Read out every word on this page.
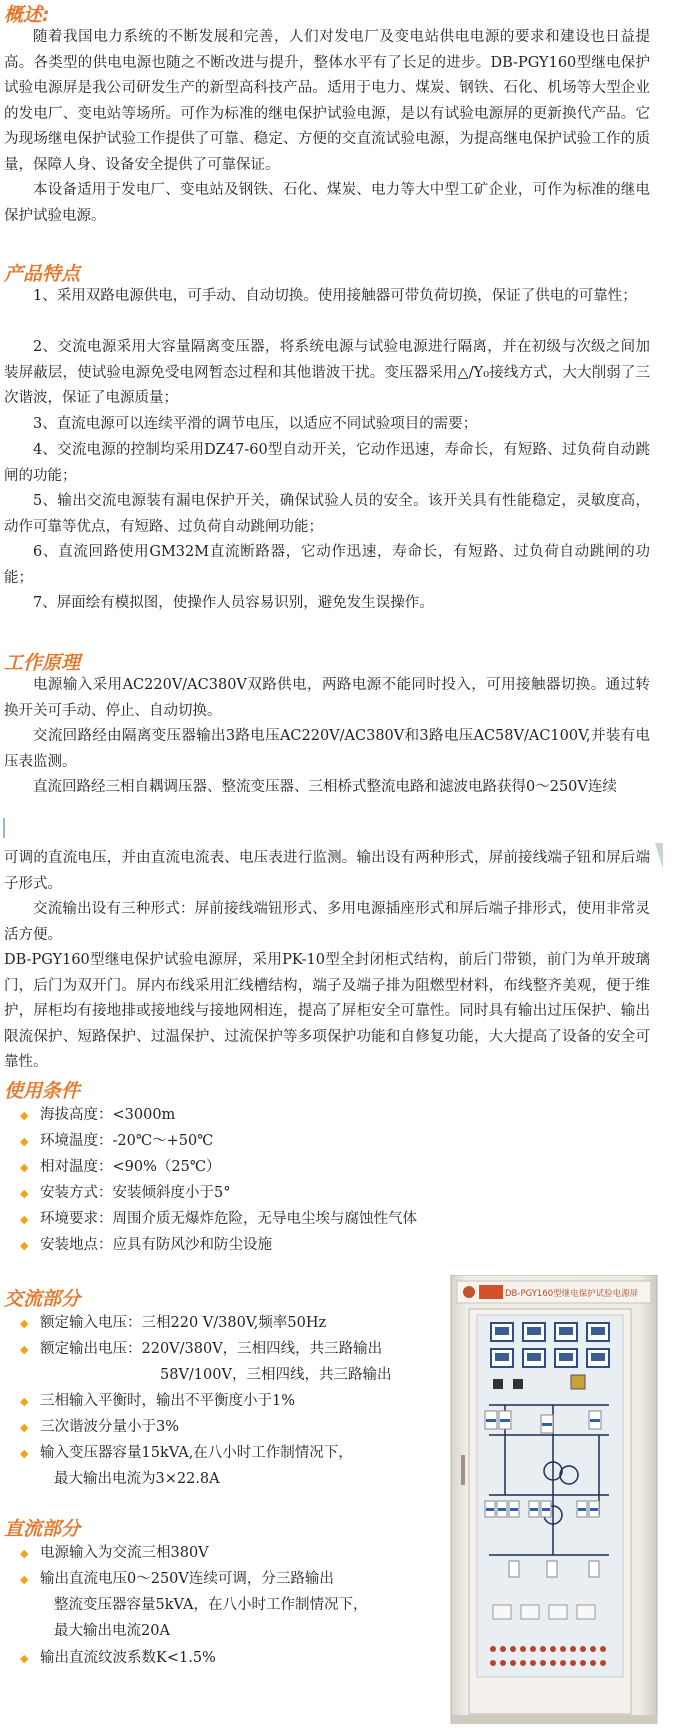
概述:

随着我国电力系统的不断发展和完善，人们对发电厂及变电站供电电源的要求和建设也日益提高。各类型的供电电源也随之不断改进与提升，整体水平有了长足的进步。DB-PGY160型继电保护试验电源屏是我公司研发生产的新型高科技产品。适用于电力、煤炭、钢铁、石化、机场等大型企业的发电厂、变电站等场所。可作为标准的继电保护试验电源，是以有试验电源屏的更新换代产品。它为现场继电保护试验工作提供了可靠、稳定、方便的交直流试验电源，为提高继电保护试验工作的质量，保障人身、设备安全提供了可靠保证。

本设备适用于发电厂、变电站及钢铁、石化、煤炭、电力等大中型工矿企业，可作为标准的继电保护试验电源。

产品特点

1、采用双路电源供电，可手动、自动切换。使用接触器可带负荷切换，保证了供电的可靠性；

2、交流电源采用大容量隔离变压器，将系统电源与试验电源进行隔离，并在初级与次级之间加装屏蔽层，使试验电源免受电网暂态过程和其他谐波干扰。变压器采用△/Y₀接线方式，大大削弱了三次谐波，保证了电源质量；

3、直流电源可以连续平滑的调节电压，以适应不同试验项目的需要；

4、交流电源的控制均采用DZ47-60型自动开关，它动作迅速，寿命长，有短路、过负荷自动跳闸的功能；

5、输出交流电源装有漏电保护开关，确保试验人员的安全。该开关具有性能稳定，灵敏度高，动作可靠等优点，有短路、过负荷自动跳闸功能；

6、直流回路使用GM32M直流断路器，它动作迅速，寿命长，有短路、过负荷自动跳闸的功能；

7、屏面绘有模拟图，使操作人员容易识别，避免发生误操作。

工作原理

电源输入采用AC220V/AC380V双路供电，两路电源不能同时投入，可用接触器切换。通过转换开关可手动、停止、自动切换。

交流回路经由隔离变压器输出3路电压AC220V/AC380V和3路电压AC58V/AC100V,并装有电压表监测。

直流回路经三相自耦调压器、整流变压器、三相桥式整流电路和滤波电路获得0～250V连续

可调的直流电压，并由直流电流表、电压表进行监测。输出设有两种形式，屏前接线端子钮和屏后端子形式。

交流输出设有三种形式：屏前接线端钮形式、多用电源插座形式和屏后端子排形式，使用非常灵活方便。

DB-PGY160型继电保护试验电源屏，采用PK-10型全封闭柜式结构，前后门带锁，前门为单开玻璃门，后门为双开门。屏内布线采用汇线槽结构，端子及端子排为阻燃型材料，布线整齐美观，便于维护，屏柜均有接地排或接地线与接地网相连，提高了屏柜安全可靠性。同时具有输出过压保护、输出限流保护、短路保护、过温保护、过流保护等多项保护功能和自修复功能，大大提高了设备的安全可靠性。

使用条件
◆ 海拔高度：<3000m
◆ 环境温度：-20℃～+50℃
◆ 相对温度：<90%（25℃）
◆ 安装方式：安装倾斜度小于5°
◆ 环境要求：周围介质无爆炸危险，无导电尘埃与腐蚀性气体
◆ 安装地点：应具有防风沙和防尘设施
交流部分
◆ 额定输入电压：三相220 V/380V,频率50Hz
◆ 额定输出电压：220V/380V，三相四线，共三路输出
58V/100V，三相四线，共三路输出
◆ 三相输入平衡时，输出不平衡度小于1%
◆ 三次谐波分量小于3%
◆ 输入变压器容量15kVA,在八小时工作制情况下，
最大输出电流为3×22.8A
直流部分
◆ 电源输入为交流三相380V
◆ 输出直流电压0～250V连续可调，分三路输出
整流变压器容量5kVA，在八小时工作制情况下，
最大输出电流20A
◆ 输出直流纹波系数K<1.5%
DB-PGY160型继电保护试验电源屏
